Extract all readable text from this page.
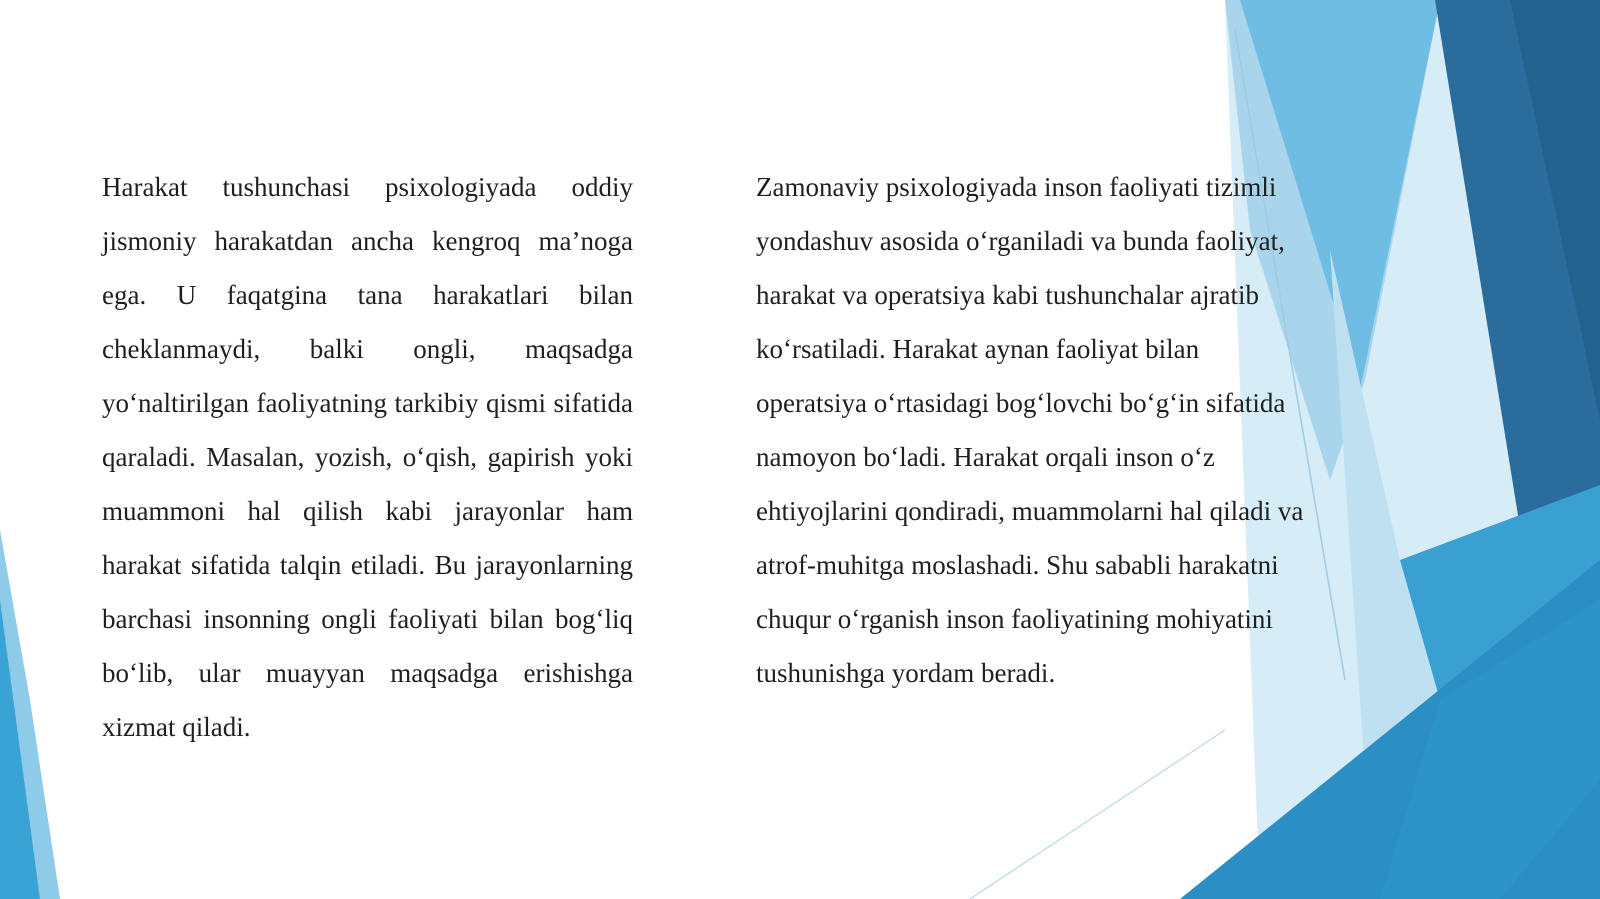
Harakat tushunchasi psixologiyada oddiy jismoniy harakatdan ancha kengroq ma’noga ega. U faqatgina tana harakatlari bilan cheklanmaydi, balki ongli, maqsadga yo‘naltirilgan faoliyatning tarkibiy qismi sifatida qaraladi. Masalan, yozish, o‘qish, gapirish yoki muammoni hal qilish kabi jarayonlar ham harakat sifatida talqin etiladi. Bu jarayonlarning barchasi insonning ongli faoliyati bilan bog‘liq bo‘lib, ular muayyan maqsadga erishishga xizmat qiladi.

Zamonaviy psixologiyada inson faoliyati tizimli yondashuv asosida o‘rganiladi va bunda faoliyat, harakat va operatsiya kabi tushunchalar ajratib ko‘rsatiladi. Harakat aynan faoliyat bilan operatsiya o‘rtasidagi bog‘lovchi bo‘g‘in sifatida namoyon bo‘ladi. Harakat orqali inson o‘z ehtiyojlarini qondiradi, muammolarni hal qiladi va atrof-muhitga moslashadi. Shu sababli harakatni chuqur o‘rganish inson faoliyatining mohiyatini tushunishga yordam beradi.
